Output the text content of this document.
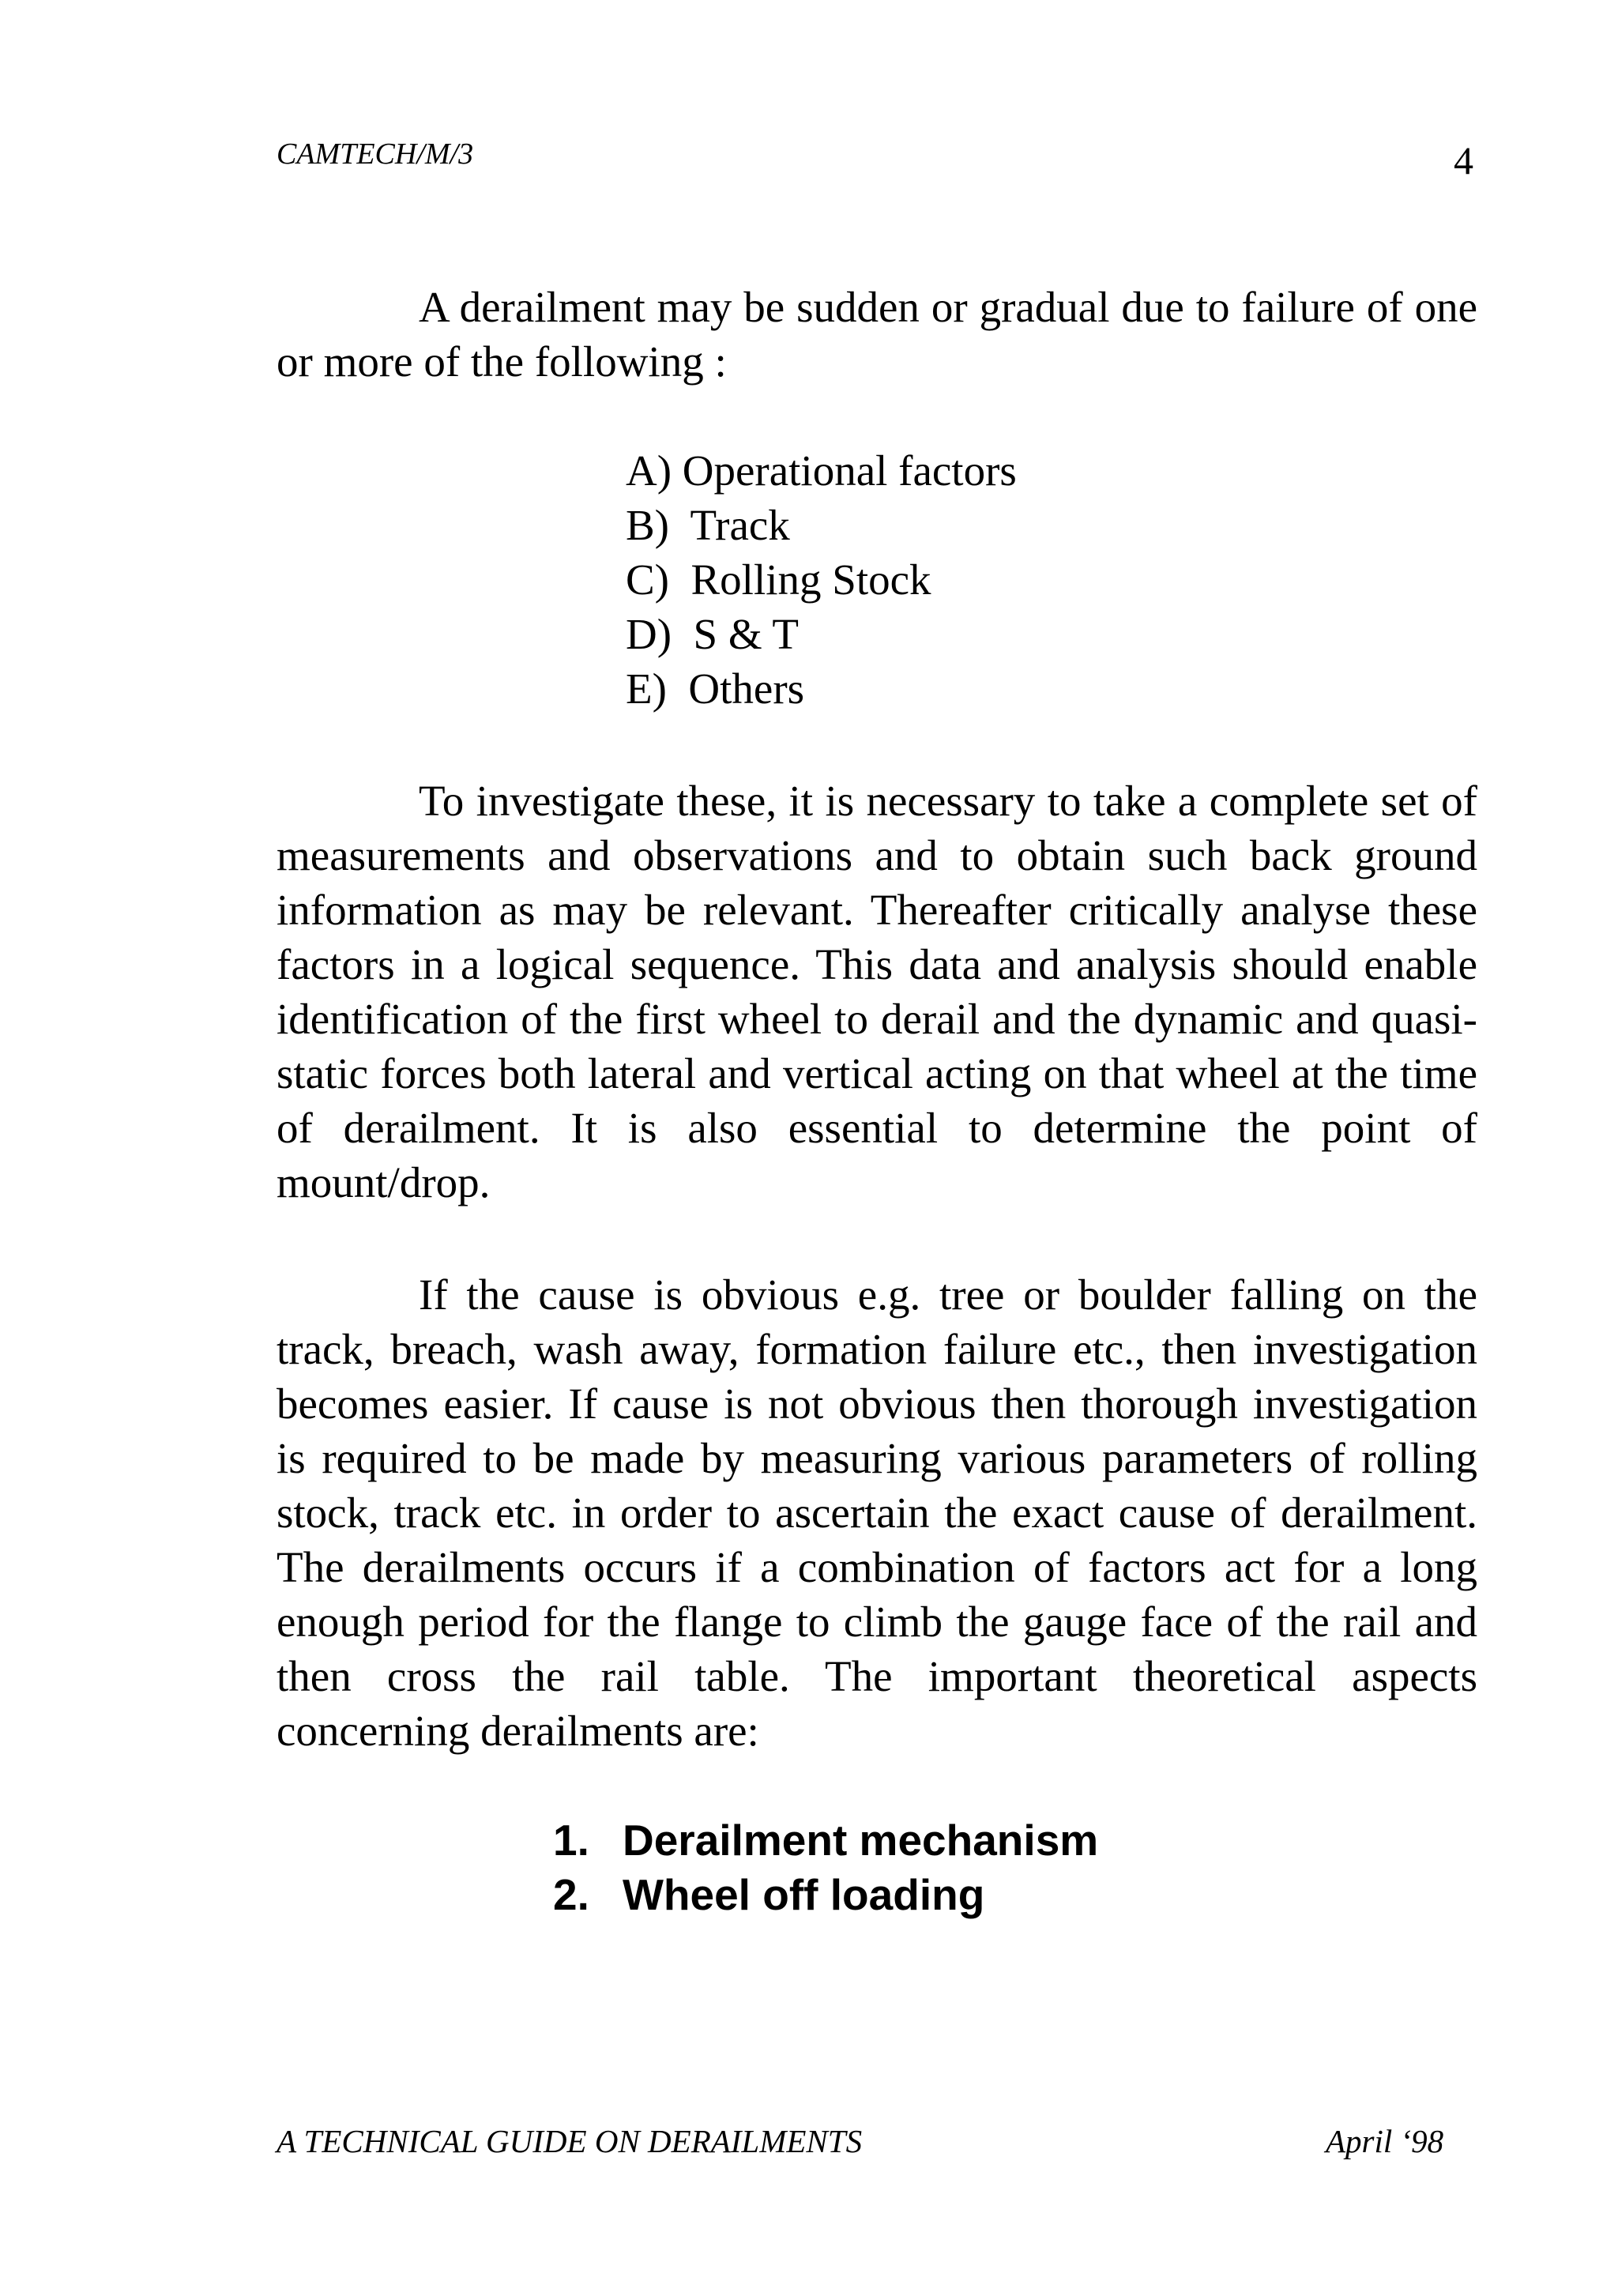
CAMTECH/M/3	4

A derailment may be sudden or gradual due to failure of one or more of the following :

A) Operational factors
B)  Track
C)  Rolling Stock
D)  S & T
E)  Others

To investigate these, it is necessary to take a complete set of measurements and observations and to obtain such back ground information as may be relevant. Thereafter critically analyse these factors in a logical sequence. This data and analysis should enable identification of the first wheel to derail and the dynamic and quasi-static forces both lateral and vertical acting on that wheel at the time of derailment. It is also essential to determine the point of mount/drop.

If the cause is obvious e.g. tree or boulder falling on the track, breach, wash away, formation failure etc., then investigation becomes easier. If cause is not obvious then thorough investigation is required to be made by measuring various parameters of rolling stock, track etc. in order to ascertain the exact cause of derailment. The derailments occurs if a combination of factors act for a long enough period for the flange to climb the gauge face of the rail and then cross the rail table. The important theoretical aspects concerning derailments are:

1. Derailment mechanism
2. Wheel off loading
A TECHNICAL GUIDE ON DERAILMENTS	April ‘98
